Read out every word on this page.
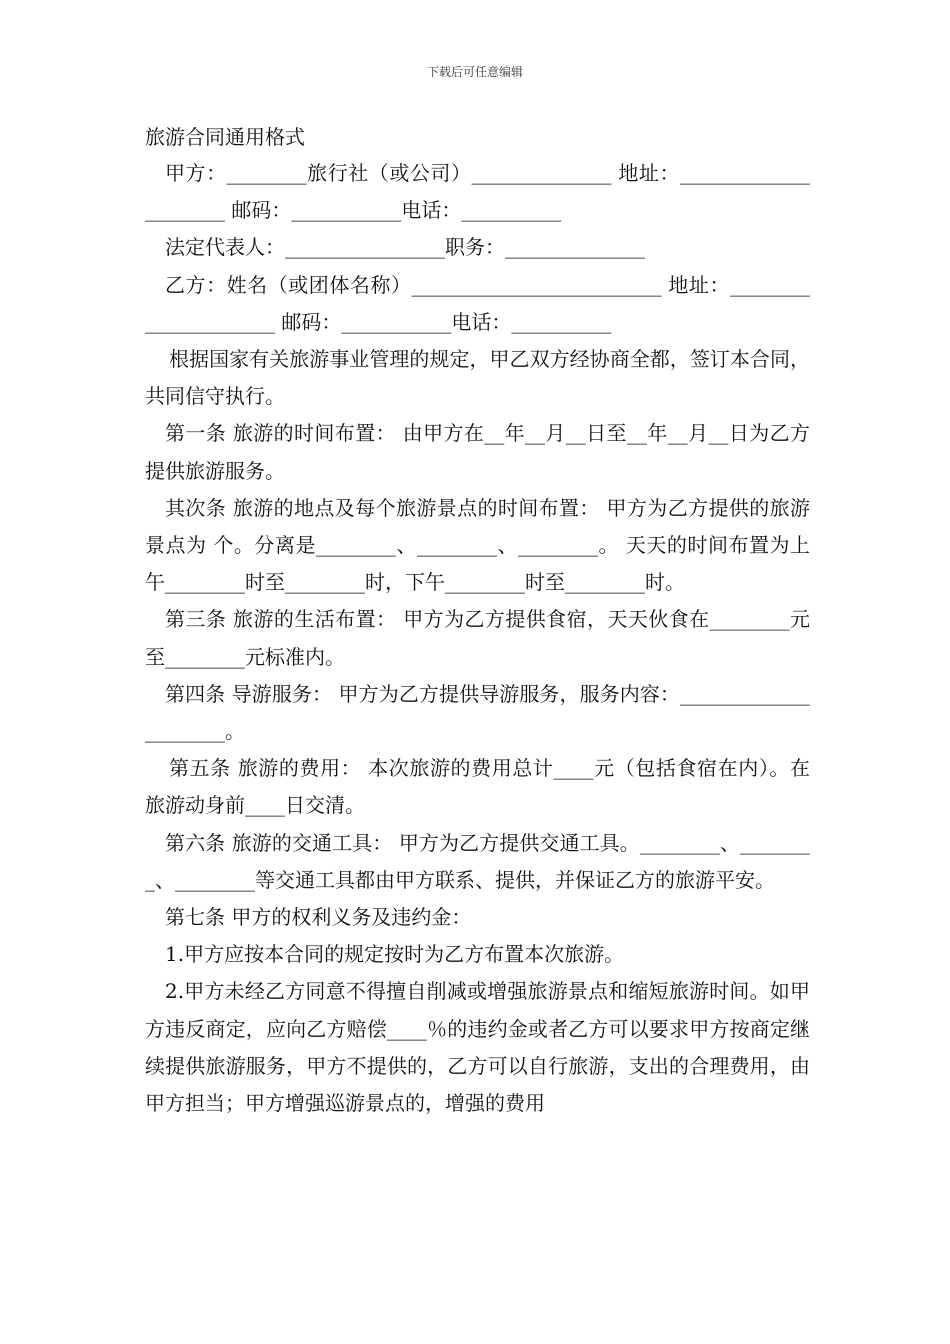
下载后可任意编辑
旅游合同通用格式

甲方：________旅行社（或公司）______________ 地址：_____________________ 邮码：___________电话：__________

法定代表人：________________职务：______________

乙方：姓名（或团体名称）_________________________ 地址：_____________________ 邮码：___________电话：__________

根据国家有关旅游事业管理的规定，甲乙双方经协商全都，签订本合同，共同信守执行。

第一条 旅游的时间布置： 由甲方在__年__月__日至__年__月__日为乙方提供旅游服务。

其次条 旅游的地点及每个旅游景点的时间布置： 甲方为乙方提供的旅游景点为 个。分离是________、________、________。 天天的时间布置为上午________时至________时，下午________时至________时。

第三条 旅游的生活布置： 甲方为乙方提供食宿，天天伙食在________元至________元标准内。

第四条 导游服务： 甲方为乙方提供导游服务，服务内容：_____________________。

第五条 旅游的费用： 本次旅游的费用总计____元（包括食宿在内）。在旅游动身前____日交清。

第六条 旅游的交通工具： 甲方为乙方提供交通工具。________、________、________等交通工具都由甲方联系、提供，并保证乙方的旅游平安。

第七条 甲方的权利义务及违约金：

1.甲方应按本合同的规定按时为乙方布置本次旅游。

2.甲方未经乙方同意不得擅自削减或增强旅游景点和缩短旅游时间。如甲方违反商定，应向乙方赔偿____％的违约金或者乙方可以要求甲方按商定继续提供旅游服务，甲方不提供的，乙方可以自行旅游，支出的合理费用，由甲方担当；甲方增强巡游景点的，增强的费用
